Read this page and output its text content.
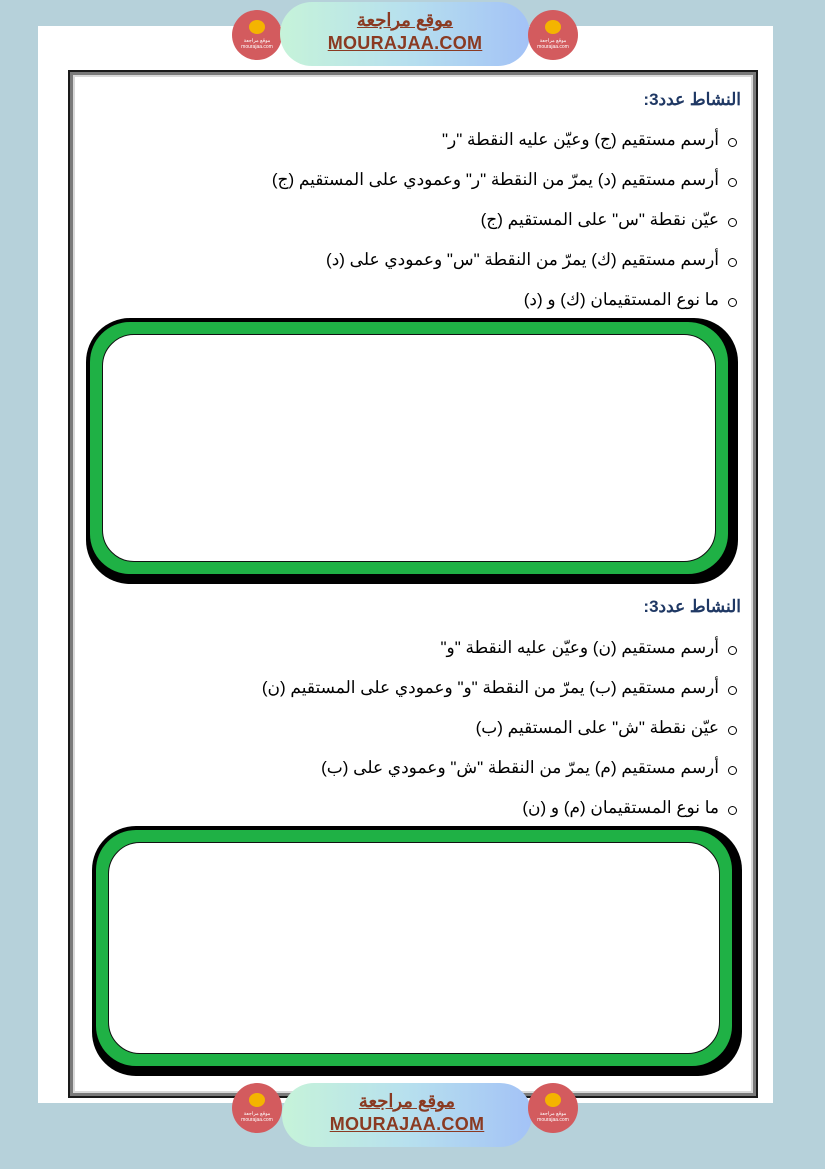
موقع مراجعة
mourajaa.com
موقع مراجعة
MOURAJAA.COM	موقع مراجعة
mourajaa.com
النشاط عدد3:
أرسم مستقيم (ج) وعيّن عليه النقطة "ر"
أرسم مستقيم (د) يمرّ من النقطة "ر" وعمودي على المستقيم (ج)
عيّن نقطة "س" على المستقيم (ج)
أرسم مستقيم (ك) يمرّ من النقطة "س" وعمودي على (د)
ما نوع المستقيمان (ك) و (د)
النشاط عدد3:
أرسم مستقيم (ن) وعيّن عليه النقطة "و"
أرسم مستقيم (ب) يمرّ من النقطة "و" وعمودي على المستقيم (ن)
عيّن نقطة "ش" على المستقيم (ب)
أرسم مستقيم (م) يمرّ من النقطة "ش" وعمودي على (ب)
ما نوع المستقيمان (م) و (ن)
موقع مراجعة
mourajaa.com
موقع مراجعة
MOURAJAA.COM	موقع مراجعة
mourajaa.com
